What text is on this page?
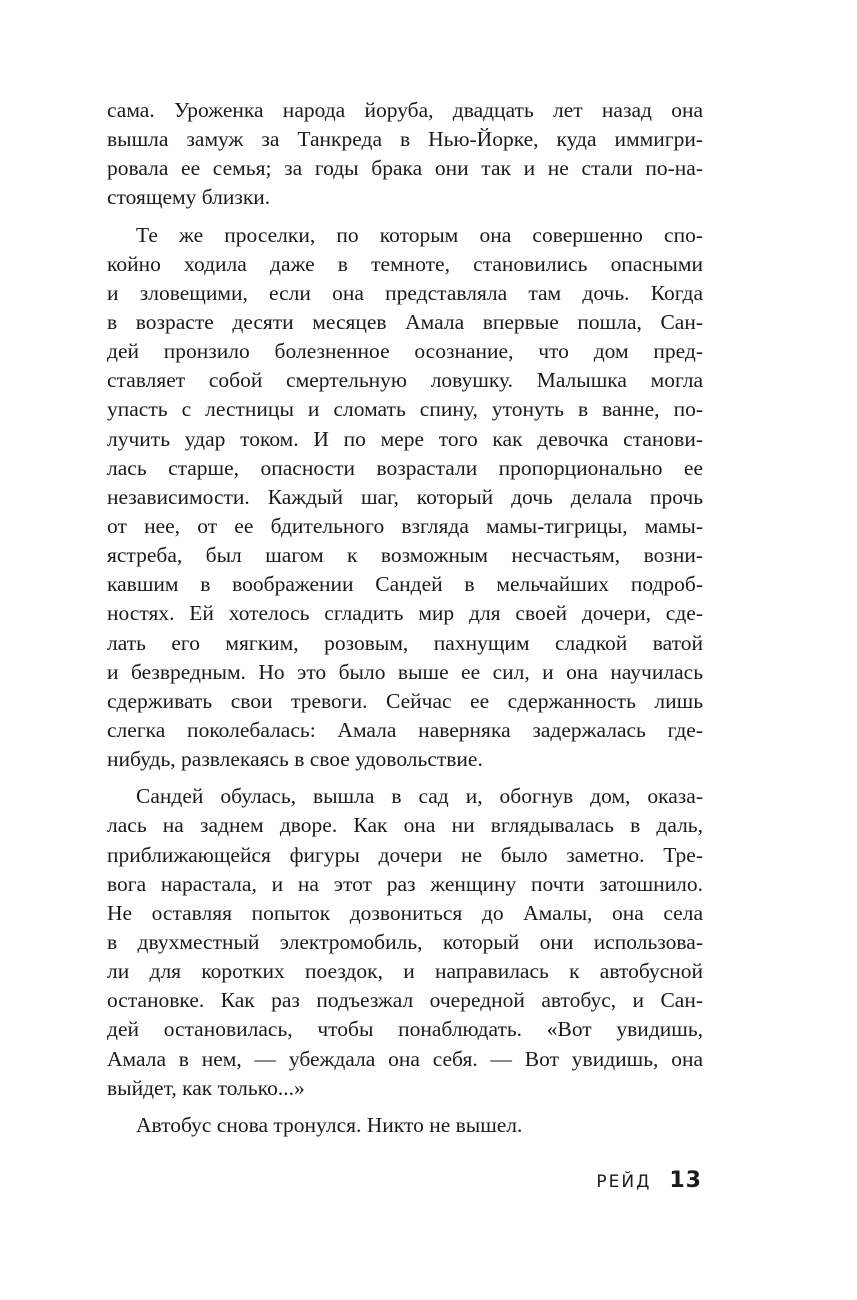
сама. Уроженка народа йоруба, двадцать лет назад она
вышла замуж за Танкреда в Нью-Йорке, куда иммигри-
ровала ее семья; за годы брака они так и не стали по-на-
стоящему близки.
Те же проселки, по которым она совершенно спо-
койно ходила даже в темноте, становились опасными
и зловещими, если она представляла там дочь. Когда
в возрасте десяти месяцев Амала впервые пошла, Сан-
дей пронзило болезненное осознание, что дом пред-
ставляет собой смертельную ловушку. Малышка могла
упасть с лестницы и сломать спину, утонуть в ванне, по-
лучить удар током. И по мере того как девочка станови-
лась старше, опасности возрастали пропорционально ее
независимости. Каждый шаг, который дочь делала прочь
от нее, от ее бдительного взгляда мамы-тигрицы, мамы-
ястреба, был шагом к возможным несчастьям, возни-
кавшим в воображении Сандей в мельчайших подроб-
ностях. Ей хотелось сгладить мир для своей дочери, сде-
лать его мягким, розовым, пахнущим сладкой ватой
и безвредным. Но это было выше ее сил, и она научилась
сдерживать свои тревоги. Сейчас ее сдержанность лишь
слегка поколебалась: Амала наверняка задержалась где-
нибудь, развлекаясь в свое удовольствие.
Сандей обулась, вышла в сад и, обогнув дом, оказа-
лась на заднем дворе. Как она ни вглядывалась в даль,
приближающейся фигуры дочери не было заметно. Тре-
вога нарастала, и на этот раз женщину почти затошнило.
Не оставляя попыток дозвониться до Амалы, она села
в двухместный электромобиль, который они использова-
ли для коротких поездок, и направилась к автобусной
остановке. Как раз подъезжал очередной автобус, и Сан-
дей остановилась, чтобы понаблюдать. «Вот увидишь,
Амала в нем, — убеждала она себя. — Вот увидишь, она
выйдет, как только...»
Автобус снова тронулся. Никто не вышел.
РЕЙД 13
